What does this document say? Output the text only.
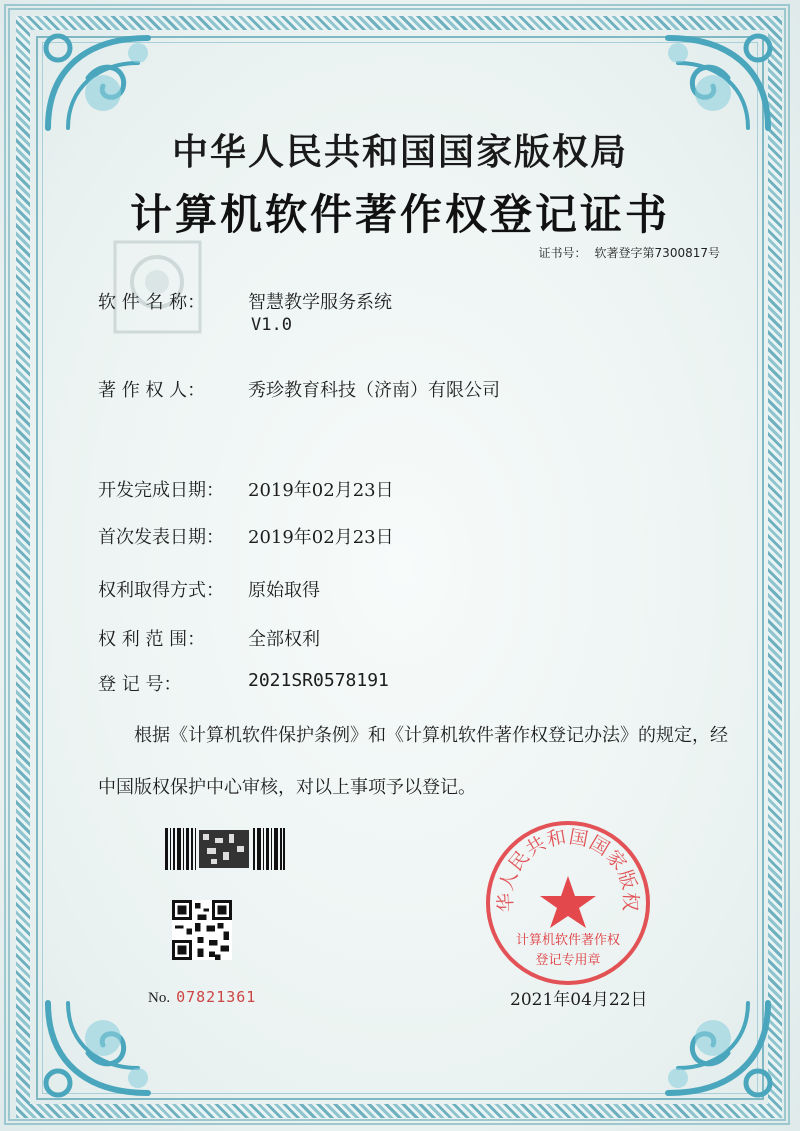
中华人民共和国国家版权局
计算机软件著作权登记证书
证书号： 软著登字第7300817号
软 件 名 称：	智慧教学服务系统
V1.0
著 作 权 人：	秀珍教育科技（济南）有限公司
开发完成日期：	2019年02月23日
首次发表日期：	2019年02月23日
权利取得方式：	原始取得
权 利 范 围：	全部权利
登 记 号：	2021SR0578191
根据《计算机软件保护条例》和《计算机软件著作权登记办法》的规定，经中国版权保护中心审核，对以上事项予以登记。
No. 07821361
华人民共和国国家版权
计算机软件著作权
登记专用章
2021年04月22日
